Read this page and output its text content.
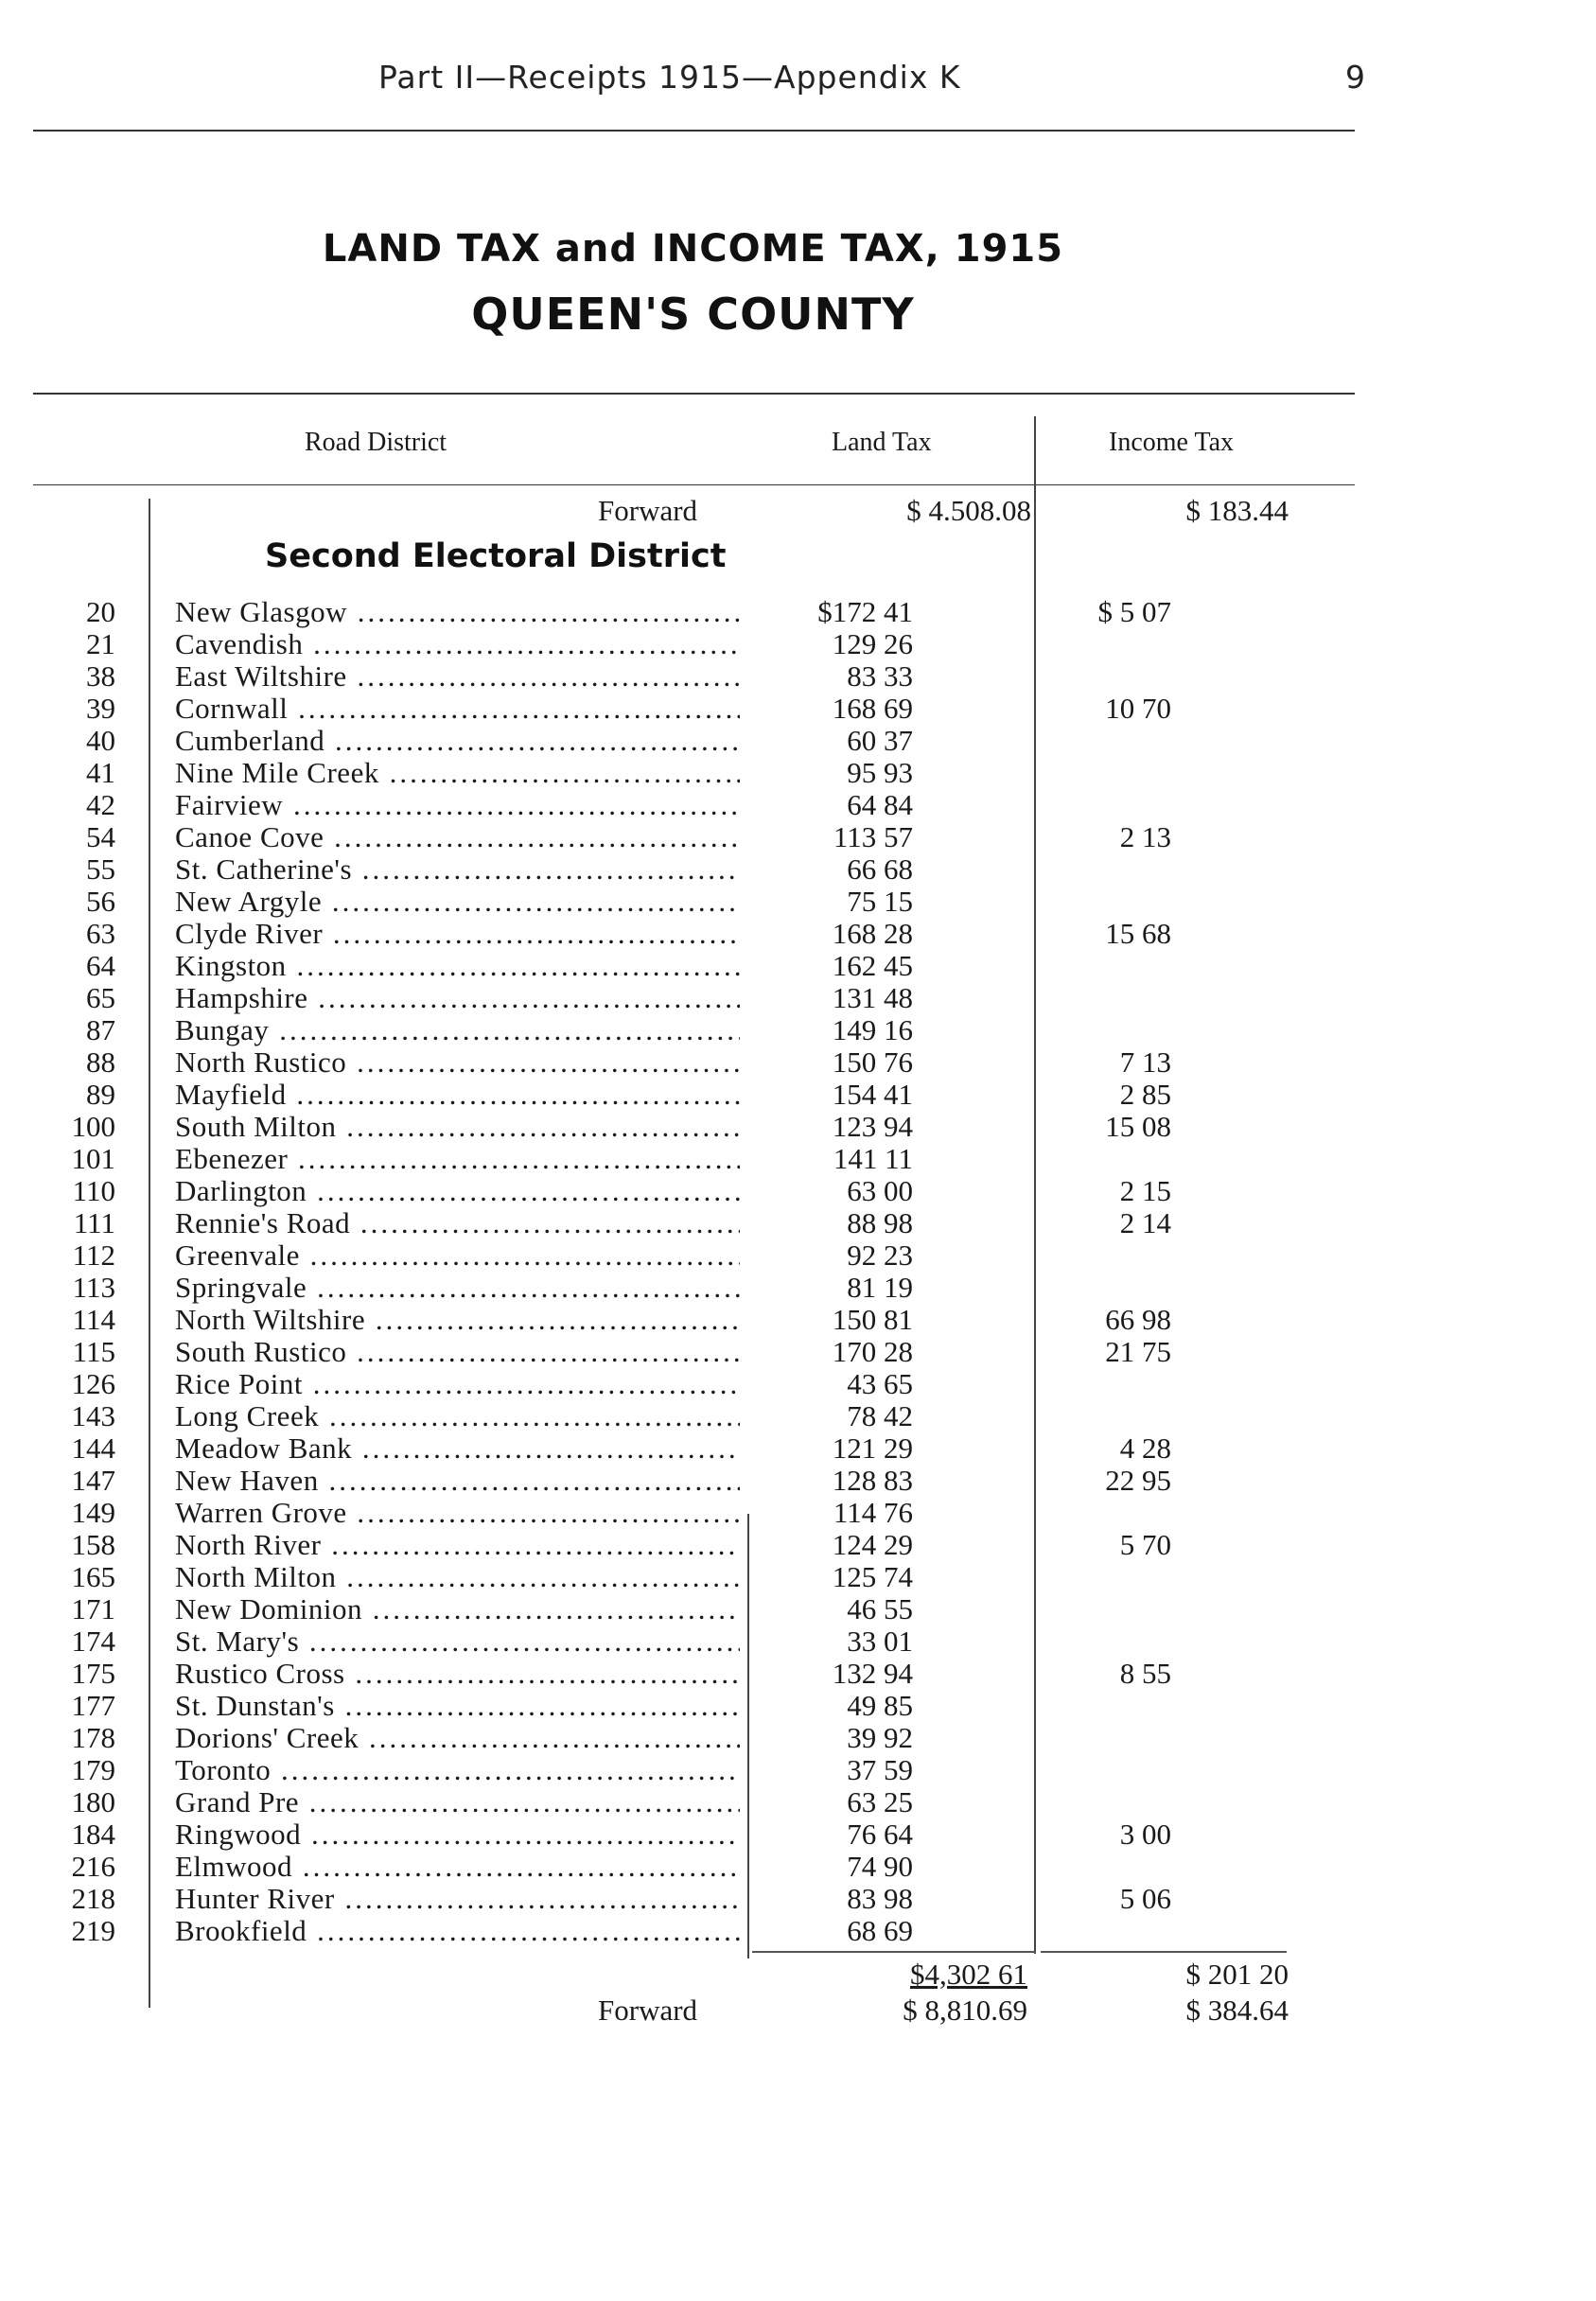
Part II—Receipts 1915—Appendix K	9
LAND TAX and INCOME TAX, 1915
QUEEN'S COUNTY
Road District	Land Tax	Income Tax
Forward	$ 4.508.08	$ 183.44
Second Electoral District
20 New Glasgow .....	$172 41	$ 5 07
21 Cavendish .....	129 26
38 East Wiltshire .....	83 33
39 Cornwall .....	168 69	10 70
40 Cumberland .....	60 37
41 Nine Mile Creek .....	95 93
42 Fairview .....	64 84
54 Canoe Cove .....	113 57	2 13
55 St. Catherine's .....	66 68
56 New Argyle .....	75 15
63 Clyde River .....	168 28	15 68
64 Kingston .....	162 45
65 Hampshire .....	131 48
87 Bungay .....	149 16
88 North Rustico .....	150 76	7 13
89 Mayfield .....	154 41	2 85
100 South Milton .....	123 94	15 08
101 Ebenezer .....	141 11
110 Darlington .....	63 00	2 15
111 Rennie's Road .....	88 98	2 14
112 Greenvale .....	92 23
113 Springvale .....	81 19
114 North Wiltshire .....	150 81	66 98
115 South Rustico .....	170 28	21 75
126 Rice Point .....	43 65
143 Long Creek .....	78 42
144 Meadow Bank .....	121 29	4 28
147 New Haven .....	128 83	22 95
149 Warren Grove .....	114 76
158 North River .....	124 29	5 70
165 North Milton .....	125 74
171 New Dominion .....	46 55
174 St. Mary's .....	33 01
175 Rustico Cross .....	132 94	8 55
177 St. Dunstan's .....	49 85
178 Dorions' Creek .....	39 92
179 Toronto .....	37 59
180 Grand Pre .....	63 25
184 Ringwood .....	76 64	3 00
216 Elmwood .....	74 90
218 Hunter River .....	83 98	5 06
219 Brookfield .....	68 69
$4,302 61	$ 201 20
Forward	$ 8,810.69	$ 384.64
